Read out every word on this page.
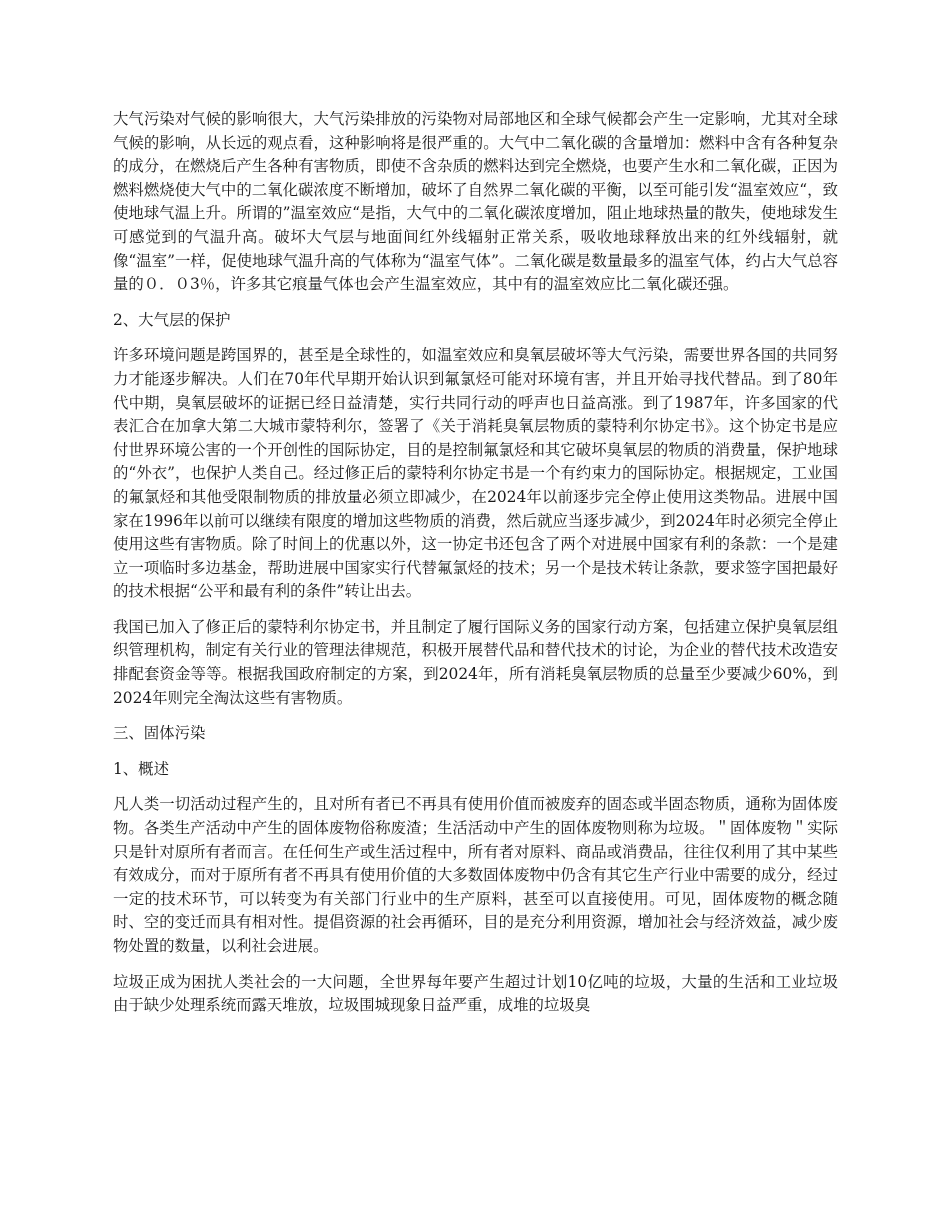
大气污染对气候的影响很大，大气污染排放的污染物对局部地区和全球气候都会产生一定影响，尤其对全球气候的影响，从长远的观点看，这种影响将是很严重的。大气中二氧化碳的含量增加：燃料中含有各种复杂的成分，在燃烧后产生各种有害物质，即使不含杂质的燃料达到完全燃烧，也要产生水和二氧化碳，正因为燃料燃烧使大气中的二氧化碳浓度不断增加，破坏了自然界二氧化碳的平衡，以至可能引发“温室效应“，致使地球气温上升。所谓的”温室效应“是指，大气中的二氧化碳浓度增加，阻止地球热量的散失，使地球发生可感觉到的气温升高。破坏大气层与地面间红外线辐射正常关系，吸收地球释放出来的红外线辐射，就像“温室”一样，促使地球气温升高的气体称为“温室气体”。二氧化碳是数量最多的温室气体，约占大气总容量的０．０3％，许多其它痕量气体也会产生温室效应，其中有的温室效应比二氧化碳还强。

2、大气层的保护

许多环境问题是跨国界的，甚至是全球性的，如温室效应和臭氧层破坏等大气污染，需要世界各国的共同努力才能逐步解决。人们在70年代早期开始认识到氟氯烃可能对环境有害，并且开始寻找代替品。到了80年代中期，臭氧层破坏的证据已经日益清楚，实行共同行动的呼声也日益高涨。到了1987年，许多国家的代表汇合在加拿大第二大城市蒙特利尔，签署了《关于消耗臭氧层物质的蒙特利尔协定书》。这个协定书是应付世界环境公害的一个开创性的国际协定，目的是控制氟氯烃和其它破坏臭氧层的物质的消费量，保护地球的“外衣”，也保护人类自己。经过修正后的蒙特利尔协定书是一个有约束力的国际协定。根据规定，工业国的氟氯烃和其他受限制物质的排放量必须立即减少，在2024年以前逐步完全停止使用这类物品。进展中国家在1996年以前可以继续有限度的增加这些物质的消费，然后就应当逐步减少，到2024年时必须完全停止使用这些有害物质。除了时间上的优惠以外，这一协定书还包含了两个对进展中国家有利的条款：一个是建立一项临时多边基金，帮助进展中国家实行代替氟氯烃的技术；另一个是技术转让条款，要求签字国把最好的技术根据“公平和最有利的条件”转让出去。

我国已加入了修正后的蒙特利尔协定书，并且制定了履行国际义务的国家行动方案，包括建立保护臭氧层组织管理机构，制定有关行业的管理法律规范，积极开展替代品和替代技术的讨论，为企业的替代技术改造安排配套资金等等。根据我国政府制定的方案，到2024年，所有消耗臭氧层物质的总量至少要减少60%，到2024年则完全淘汰这些有害物质。

三、固体污染

1、概述

凡人类一切活动过程产生的，且对所有者已不再具有使用价值而被废弃的固态或半固态物质，通称为固体废物。各类生产活动中产生的固体废物俗称废渣；生活活动中产生的固体废物则称为垃圾。＂固体废物＂实际只是针对原所有者而言。在任何生产或生活过程中，所有者对原料、商品或消费品，往往仅利用了其中某些有效成分，而对于原所有者不再具有使用价值的大多数固体废物中仍含有其它生产行业中需要的成分，经过一定的技术环节，可以转变为有关部门行业中的生产原料，甚至可以直接使用。可见，固体废物的概念随时、空的变迁而具有相对性。提倡资源的社会再循环，目的是充分利用资源，增加社会与经济效益，减少废物处置的数量，以利社会进展。

垃圾正成为困扰人类社会的一大问题，全世界每年要产生超过计划10亿吨的垃圾，大量的生活和工业垃圾由于缺少处理系统而露天堆放，垃圾围城现象日益严重，成堆的垃圾臭
